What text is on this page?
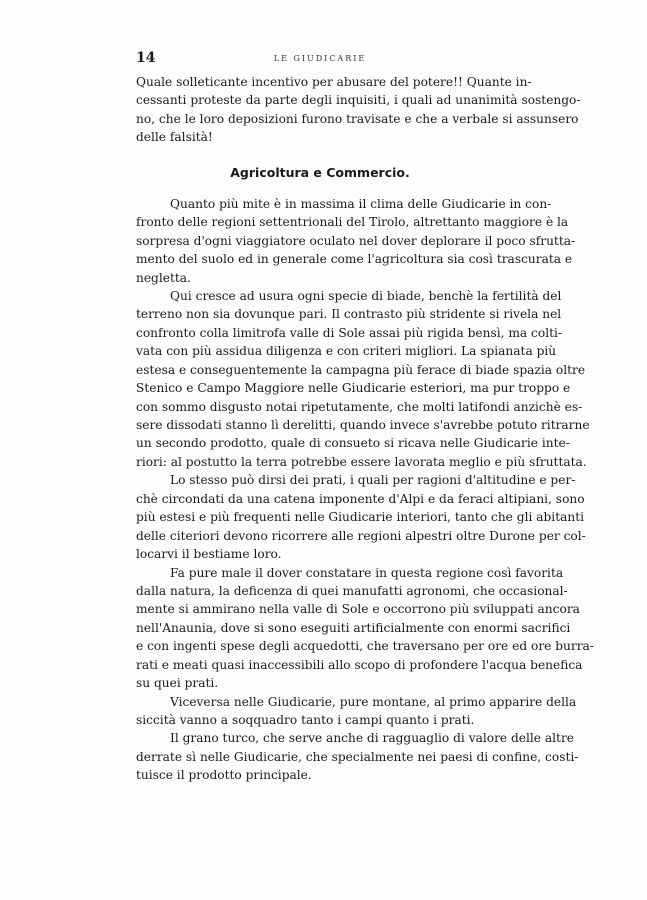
14	LE GIUDICARIE
Quale solleticante incentivo per abusare del potere!! Quante in-
cessanti proteste da parte degli inquisiti, i quali ad unanimità sostengo-
no, che le loro deposizioni furono travisate e che a verbale si assunsero
delle falsità!
Agricoltura e Commercio.
Quanto più mite è in massima il clima delle Giudicarie in con-
fronto delle regioni settentrionali del Tirolo, altrettanto maggiore è la
sorpresa d'ogni viaggiatore oculato nel dover deplorare il poco sfrutta-
mento del suolo ed in generale come l'agricoltura sia così trascurata e
negletta.
Qui cresce ad usura ogni specie di biade, benchè la fertilità del
terreno non sia dovunque pari. Il contrasto più stridente si rivela nel
confronto colla limitrofa valle di Sole assai più rigida bensì, ma colti-
vata con più assidua diligenza e con criteri migliori. La spianata più
estesa e conseguentemente la campagna più ferace di biade spazia oltre
Stenico e Campo Maggiore nelle Giudicarie esteriori, ma pur troppo e
con sommo disgusto notai ripetutamente, che molti latifondi anzichè es-
sere dissodati stanno lì derelitti, quando invece s'avrebbe potuto ritrarne
un secondo prodotto, quale di consueto si ricava nelle Giudicarie inte-
riori: al postutto la terra potrebbe essere lavorata meglio e più sfruttata.
Lo stesso può dirsi dei prati, i quali per ragioni d'altitudine e per-
chè circondati da una catena imponente d'Alpi e da feraci altipiani, sono
più estesi e più frequenti nelle Giudicarie interiori, tanto che gli abitanti
delle citeriori devono ricorrere alle regioni alpestri oltre Durone per col-
locarvi il bestiame loro.
Fa pure male il dover constatare in questa regione così favorita
dalla natura, la deficenza di quei manufatti agronomi, che occasional-
mente si ammirano nella valle di Sole e occorrono più sviluppati ancora
nell'Anaunia, dove si sono eseguiti artificialmente con enormi sacrifici
e con ingenti spese degli acquedotti, che traversano per ore ed ore burra-
rati e meati quasi inaccessibili allo scopo di profondere l'acqua benefica
su quei prati.
Viceversa nelle Giudicarie, pure montane, al primo apparire della
siccità vanno a soqquadro tanto i campi quanto i prati.
Il grano turco, che serve anche di ragguaglio di valore delle altre
derrate sì nelle Giudicarie, che specialmente nei paesi di confine, costi-
tuisce il prodotto principale.
